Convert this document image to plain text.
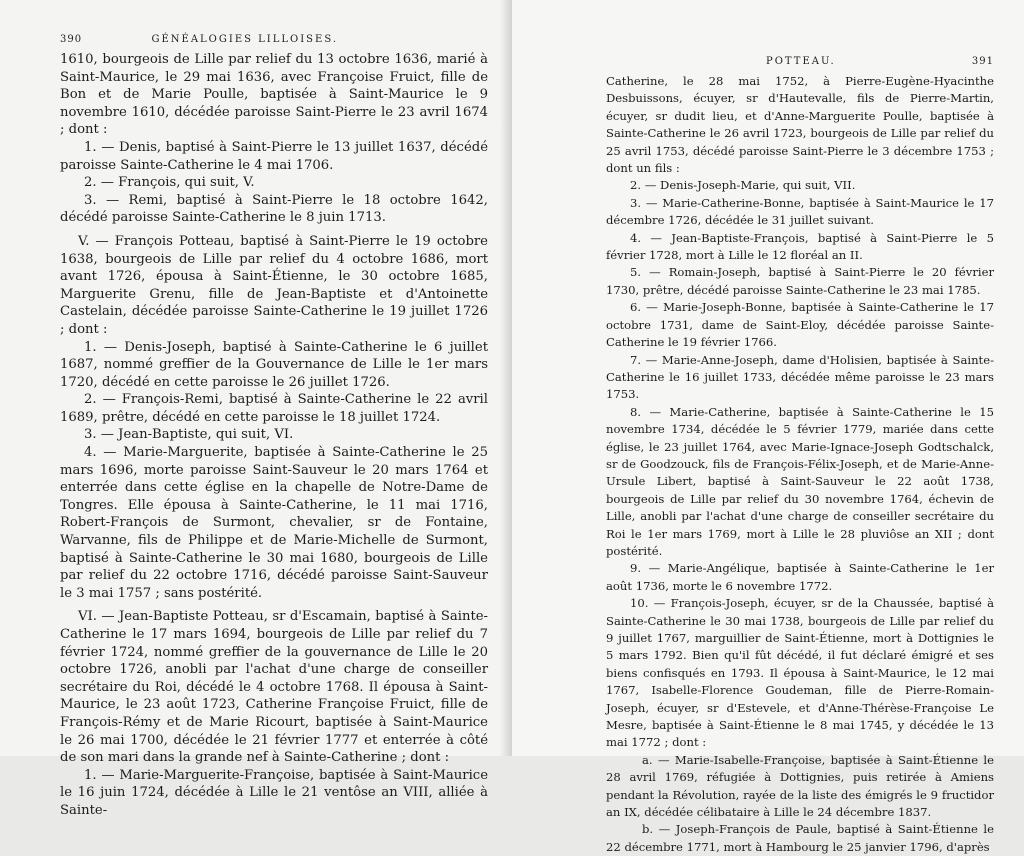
390	GÉNÉALOGIES LILLOISES.

1610, bourgeois de Lille par relief du 13 octobre 1636, marié à Saint-Maurice, le 29 mai 1636, avec Françoise Fruict, fille de Bon et de Marie Poulle, baptisée à Saint-Maurice le 9 novembre 1610, décédée paroisse Saint-Pierre le 23 avril 1674 ; dont :

1. — Denis, baptisé à Saint-Pierre le 13 juillet 1637, décédé paroisse Sainte-Catherine le 4 mai 1706.

2. — François, qui suit, V.

3. — Remi, baptisé à Saint-Pierre le 18 octobre 1642, décédé paroisse Sainte-Catherine le 8 juin 1713.

V. — François Potteau, baptisé à Saint-Pierre le 19 octobre 1638, bourgeois de Lille par relief du 4 octobre 1686, mort avant 1726, épousa à Saint-Étienne, le 30 octobre 1685, Marguerite Grenu, fille de Jean-Baptiste et d'Antoinette Castelain, décédée paroisse Sainte-Catherine le 19 juillet 1726 ; dont :

1. — Denis-Joseph, baptisé à Sainte-Catherine le 6 juillet 1687, nommé greffier de la Gouvernance de Lille le 1er mars 1720, décédé en cette paroisse le 26 juillet 1726.

2. — François-Remi, baptisé à Sainte-Catherine le 22 avril 1689, prêtre, décédé en cette paroisse le 18 juillet 1724.

3. — Jean-Baptiste, qui suit, VI.

4. — Marie-Marguerite, baptisée à Sainte-Catherine le 25 mars 1696, morte paroisse Saint-Sauveur le 20 mars 1764 et enterrée dans cette église en la chapelle de Notre-Dame de Tongres. Elle épousa à Sainte-Catherine, le 11 mai 1716, Robert-François de Surmont, chevalier, sr de Fontaine, Warvanne, fils de Philippe et de Marie-Michelle de Surmont, baptisé à Sainte-Catherine le 30 mai 1680, bourgeois de Lille par relief du 22 octobre 1716, décédé paroisse Saint-Sauveur le 3 mai 1757 ; sans postérité.

VI. — Jean-Baptiste Potteau, sr d'Escamain, baptisé à Sainte-Catherine le 17 mars 1694, bourgeois de Lille par relief du 7 février 1724, nommé greffier de la gouvernance de Lille le 20 octobre 1726, anobli par l'achat d'une charge de conseiller secrétaire du Roi, décédé le 4 octobre 1768. Il épousa à Saint-Maurice, le 23 août 1723, Catherine Françoise Fruict, fille de François-Rémy et de Marie Ricourt, baptisée à Saint-Maurice le 26 mai 1700, décédée le 21 février 1777 et enterrée à côté de son mari dans la grande nef à Sainte-Catherine ; dont :

1. — Marie-Marguerite-Françoise, baptisée à Saint-Maurice le 16 juin 1724, décédée à Lille le 21 ventôse an VIII, alliée à Sainte-

POTTEAU.	391

Catherine, le 28 mai 1752, à Pierre-Eugène-Hyacinthe Desbuissons, écuyer, sr d'Hautevalle, fils de Pierre-Martin, écuyer, sr dudit lieu, et d'Anne-Marguerite Poulle, baptisée à Sainte-Catherine le 26 avril 1723, bourgeois de Lille par relief du 25 avril 1753, décédé paroisse Saint-Pierre le 3 décembre 1753 ; dont un fils :

2. — Denis-Joseph-Marie, qui suit, VII.

3. — Marie-Catherine-Bonne, baptisée à Saint-Maurice le 17 décembre 1726, décédée le 31 juillet suivant.

4. — Jean-Baptiste-François, baptisé à Saint-Pierre le 5 février 1728, mort à Lille le 12 floréal an II.

5. — Romain-Joseph, baptisé à Saint-Pierre le 20 février 1730, prêtre, décédé paroisse Sainte-Catherine le 23 mai 1785.

6. — Marie-Joseph-Bonne, baptisée à Sainte-Catherine le 17 octobre 1731, dame de Saint-Eloy, décédée paroisse Sainte-Catherine le 19 février 1766.

7. — Marie-Anne-Joseph, dame d'Holisien, baptisée à Sainte-Catherine le 16 juillet 1733, décédée même paroisse le 23 mars 1753.

8. — Marie-Catherine, baptisée à Sainte-Catherine le 15 novembre 1734, décédée le 5 février 1779, mariée dans cette église, le 23 juillet 1764, avec Marie-Ignace-Joseph Godtschalck, sr de Goodzouck, fils de François-Félix-Joseph, et de Marie-Anne-Ursule Libert, baptisé à Saint-Sauveur le 22 août 1738, bourgeois de Lille par relief du 30 novembre 1764, échevin de Lille, anobli par l'achat d'une charge de conseiller secrétaire du Roi le 1er mars 1769, mort à Lille le 28 pluviôse an XII ; dont postérité.

9. — Marie-Angélique, baptisée à Sainte-Catherine le 1er août 1736, morte le 6 novembre 1772.

10. — François-Joseph, écuyer, sr de la Chaussée, baptisé à Sainte-Catherine le 30 mai 1738, bourgeois de Lille par relief du 9 juillet 1767, marguillier de Saint-Étienne, mort à Dottignies le 5 mars 1792. Bien qu'il fût décédé, il fut déclaré émigré et ses biens confisqués en 1793. Il épousa à Saint-Maurice, le 12 mai 1767, Isabelle-Florence Goudeman, fille de Pierre-Romain-Joseph, écuyer, sr d'Estevele, et d'Anne-Thérèse-Françoise Le Mesre, baptisée à Saint-Étienne le 8 mai 1745, y décédée le 13 mai 1772 ; dont :

a. — Marie-Isabelle-Françoise, baptisée à Saint-Étienne le 28 avril 1769, réfugiée à Dottignies, puis retirée à Amiens pendant la Révolution, rayée de la liste des émigrés le 9 fructidor an IX, décédée célibataire à Lille le 24 décembre 1837.

b. — Joseph-François de Paule, baptisé à Saint-Étienne le 22 décembre 1771, mort à Hambourg le 25 janvier 1796, d'après
